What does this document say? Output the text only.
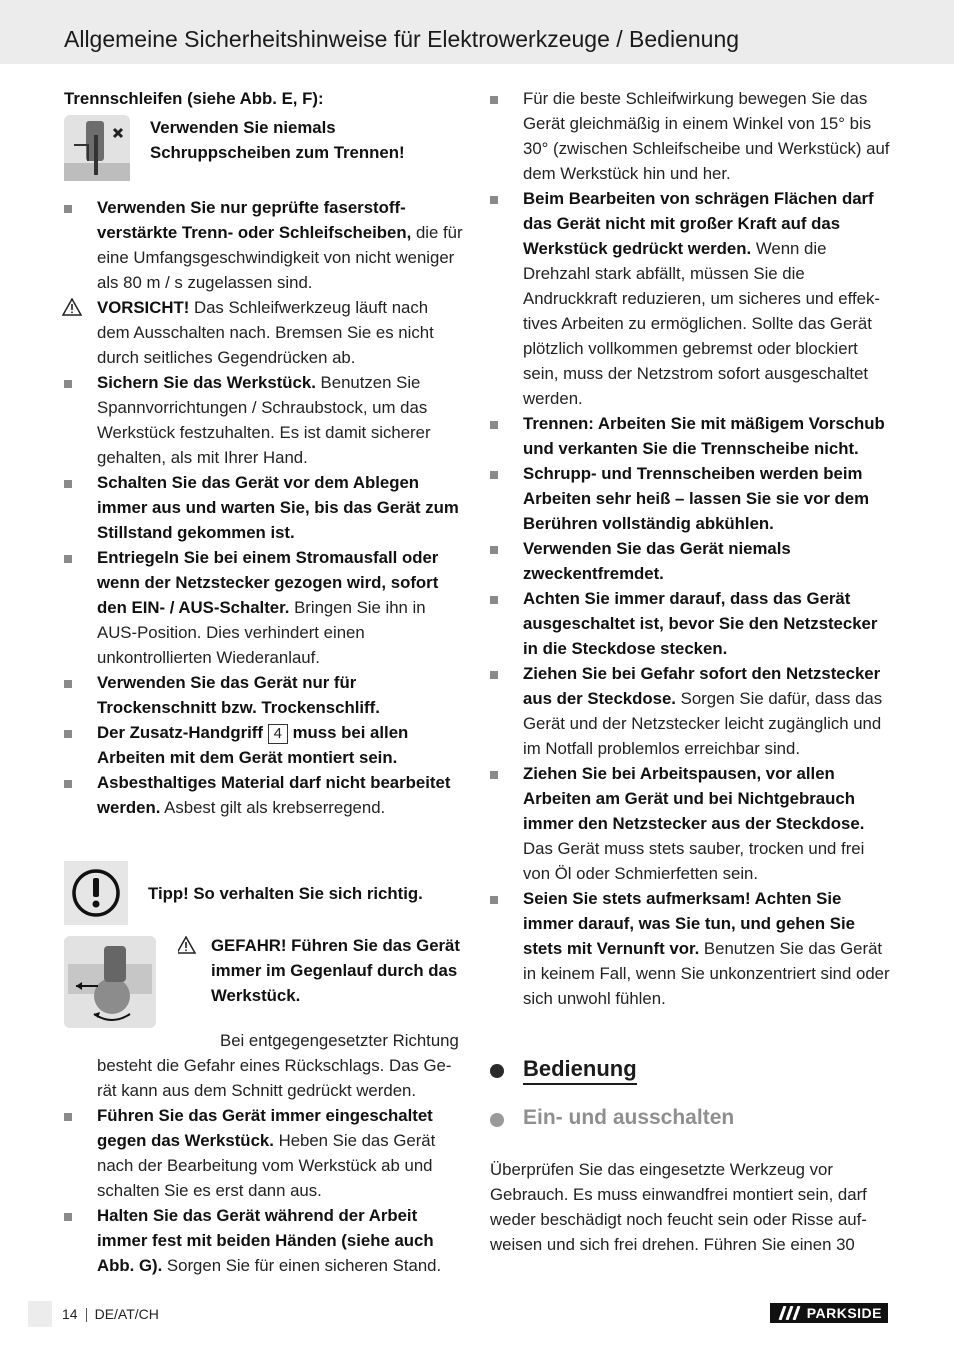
Allgemeine Sicherheitshinweise für Elektrowerkzeuge / Bedienung

Trennschleifen (siehe Abb. E, F):

Verwenden Sie niemals Schruppscheiben zum Trennen!

Verwenden Sie nur geprüfte faserstoffverstärkte Trenn- oder Schleifscheiben, die für eine Umfangsgeschwindigkeit von nicht weniger als 80 m / s zugelassen sind.

VORSICHT! Das Schleifwerkzeug läuft nach dem Ausschalten nach. Bremsen Sie es nicht durch seitliches Gegendrücken ab.

Sichern Sie das Werkstück. Benutzen Sie Spannvorrichtungen / Schraubstock, um das Werkstück festzuhalten. Es ist damit sicherer gehalten, als mit Ihrer Hand.

Schalten Sie das Gerät vor dem Ablegen immer aus und warten Sie, bis das Gerät zum Stillstand gekommen ist.

Entriegeln Sie bei einem Stromausfall oder wenn der Netzstecker gezogen wird, sofort den EIN- / AUS-Schalter. Bringen Sie ihn in AUS-Position. Dies verhindert einen unkontrollierten Wiederanlauf.

Verwenden Sie das Gerät nur für Trockenschnitt bzw. Trockenschliff.

Der Zusatz-Handgriff 4 muss bei allen Arbeiten mit dem Gerät montiert sein.

Asbesthaltiges Material darf nicht bearbeitet werden. Asbest gilt als krebserregend.

Tipp! So verhalten Sie sich richtig.

GEFAHR! Führen Sie das Gerät immer im Gegenlauf durch das Werkstück.

Bei entgegengesetzter Richtung besteht die Gefahr eines Rückschlags. Das Gerät kann aus dem Schnitt gedrückt werden.

Führen Sie das Gerät immer eingeschaltet gegen das Werkstück. Heben Sie das Gerät nach der Bearbeitung vom Werkstück ab und schalten Sie es erst dann aus.

Halten Sie das Gerät während der Arbeit immer fest mit beiden Händen (siehe auch Abb. G). Sorgen Sie für einen sicheren Stand.

Für die beste Schleifwirkung bewegen Sie das Gerät gleichmäßig in einem Winkel von 15° bis 30° (zwischen Schleifscheibe und Werkstück) auf dem Werkstück hin und her.

Beim Bearbeiten von schrägen Flächen darf das Gerät nicht mit großer Kraft auf das Werkstück gedrückt werden. Wenn die Drehzahl stark abfällt, müssen Sie die Andruckkraft reduzieren, um sicheres und effektives Arbeiten zu ermöglichen. Sollte das Gerät plötzlich vollkommen gebremst oder blockiert sein, muss der Netzstrom sofort ausgeschaltet werden.

Trennen: Arbeiten Sie mit mäßigem Vorschub und verkanten Sie die Trennscheibe nicht.

Schrupp- und Trennscheiben werden beim Arbeiten sehr heiß – lassen Sie sie vor dem Berühren vollständig abkühlen.

Verwenden Sie das Gerät niemals zweckentfremdet.

Achten Sie immer darauf, dass das Gerät ausgeschaltet ist, bevor Sie den Netzstecker in die Steckdose stecken.

Ziehen Sie bei Gefahr sofort den Netzstecker aus der Steckdose. Sorgen Sie dafür, dass das Gerät und der Netzstecker leicht zugänglich und im Notfall problemlos erreichbar sind.

Ziehen Sie bei Arbeitspausen, vor allen Arbeiten am Gerät und bei Nichtgebrauch immer den Netzstecker aus der Steckdose. Das Gerät muss stets sauber, trocken und frei von Öl oder Schmierfetten sein.

Seien Sie stets aufmerksam! Achten Sie immer darauf, was Sie tun, und gehen Sie stets mit Vernunft vor. Benutzen Sie das Gerät in keinem Fall, wenn Sie unkonzentriert sind oder sich unwohl fühlen.

Bedienung
Ein- und ausschalten

Überprüfen Sie das eingesetzte Werkzeug vor Gebrauch. Es muss einwandfrei montiert sein, darf weder beschädigt noch feucht sein oder Risse aufweisen und sich frei drehen. Führen Sie einen 30

14 DE/AT/CH	PARKSIDE
